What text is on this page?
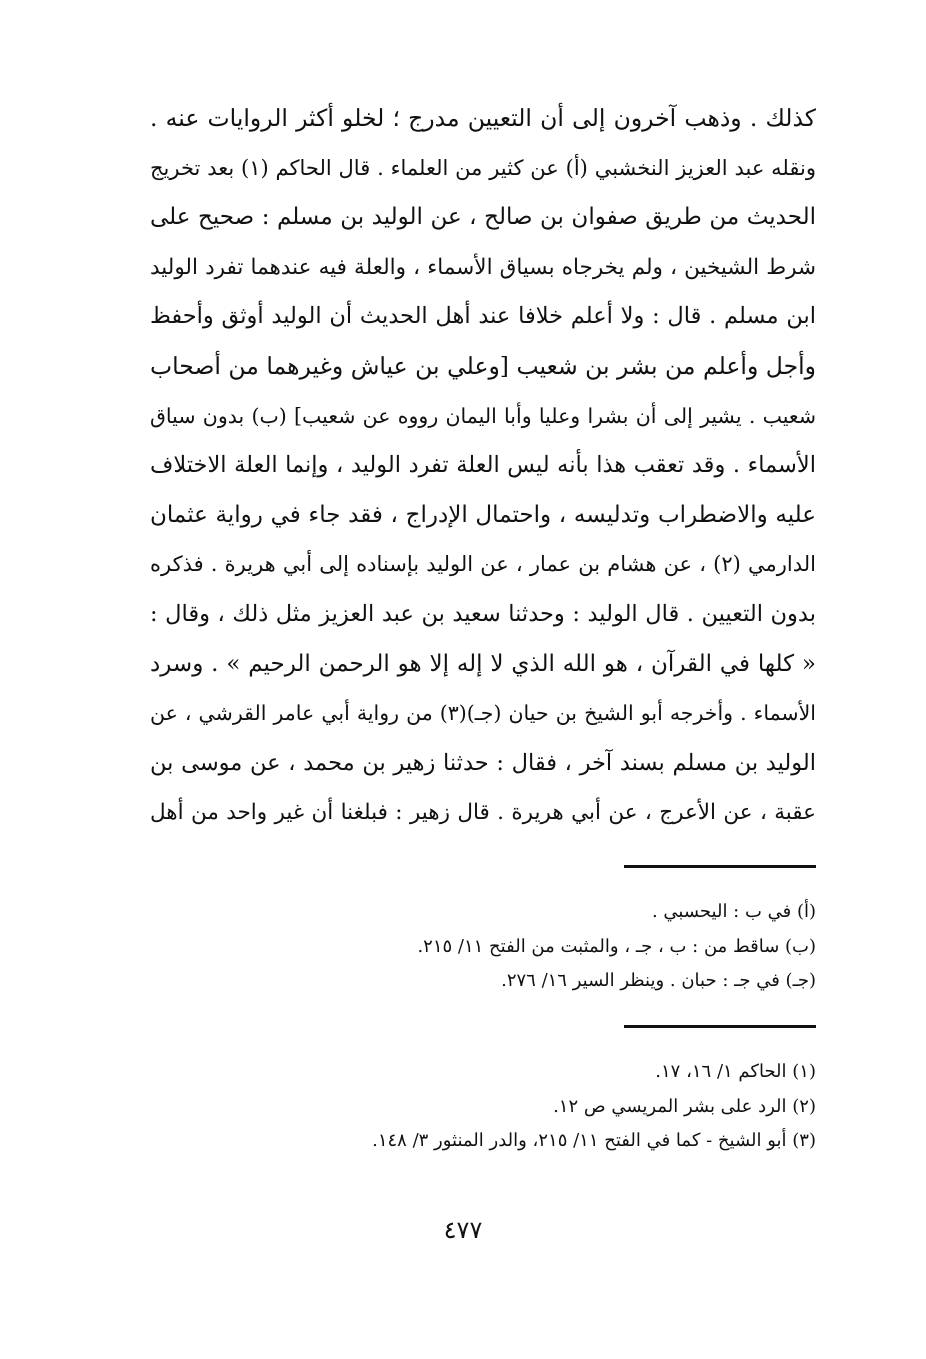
كذلك . وذهب آخرون إلى أن التعيين مدرج ؛ لخلو أكثر الروايات عنه .
ونقله عبد العزيز النخشبي (أ) عن كثير من العلماء . قال الحاكم (١) بعد تخريج
الحديث من طريق صفوان بن صالح ، عن الوليد بن مسلم : صحيح على
شرط الشيخين ، ولم يخرجاه بسياق الأسماء ، والعلة فيه عندهما تفرد الوليد
ابن مسلم . قال : ولا أعلم خلافا عند أهل الحديث أن الوليد أوثق وأحفظ
وأجل وأعلم من بشر بن شعيب [وعلي بن عياش وغيرهما من أصحاب
شعيب . يشير إلى أن بشرا وعليا وأبا اليمان رووه عن شعيب] (ب) بدون سياق
الأسماء . وقد تعقب هذا بأنه ليس العلة تفرد الوليد ، وإنما العلة الاختلاف
عليه والاضطراب وتدليسه ، واحتمال الإدراج ، فقد جاء في رواية عثمان
الدارمي (٢) ، عن هشام بن عمار ، عن الوليد بإسناده إلى أبي هريرة . فذكره
بدون التعيين . قال الوليد : وحدثنا سعيد بن عبد العزيز مثل ذلك ، وقال :
« كلها في القرآن ، هو الله الذي لا إله إلا هو الرحمن الرحيم » . وسرد
الأسماء . وأخرجه أبو الشيخ بن حيان (جـ)(٣) من رواية أبي عامر القرشي ، عن
الوليد بن مسلم بسند آخر ، فقال : حدثنا زهير بن محمد ، عن موسى بن
عقبة ، عن الأعرج ، عن أبي هريرة . قال زهير : فبلغنا أن غير واحد من أهل
(أ) في ب : اليحسبي .
(ب) ساقط من : ب ، جـ ، والمثبت من الفتح ١١/ ٢١٥.
(جـ) في جـ : حبان . وينظر السير ١٦/ ٢٧٦.
(١) الحاكم ١/ ١٦، ١٧.
(٢) الرد على بشر المريسي ص ١٢.
(٣) أبو الشيخ - كما في الفتح ١١/ ٢١٥، والدر المنثور ٣/ ١٤٨.
٤٧٧
